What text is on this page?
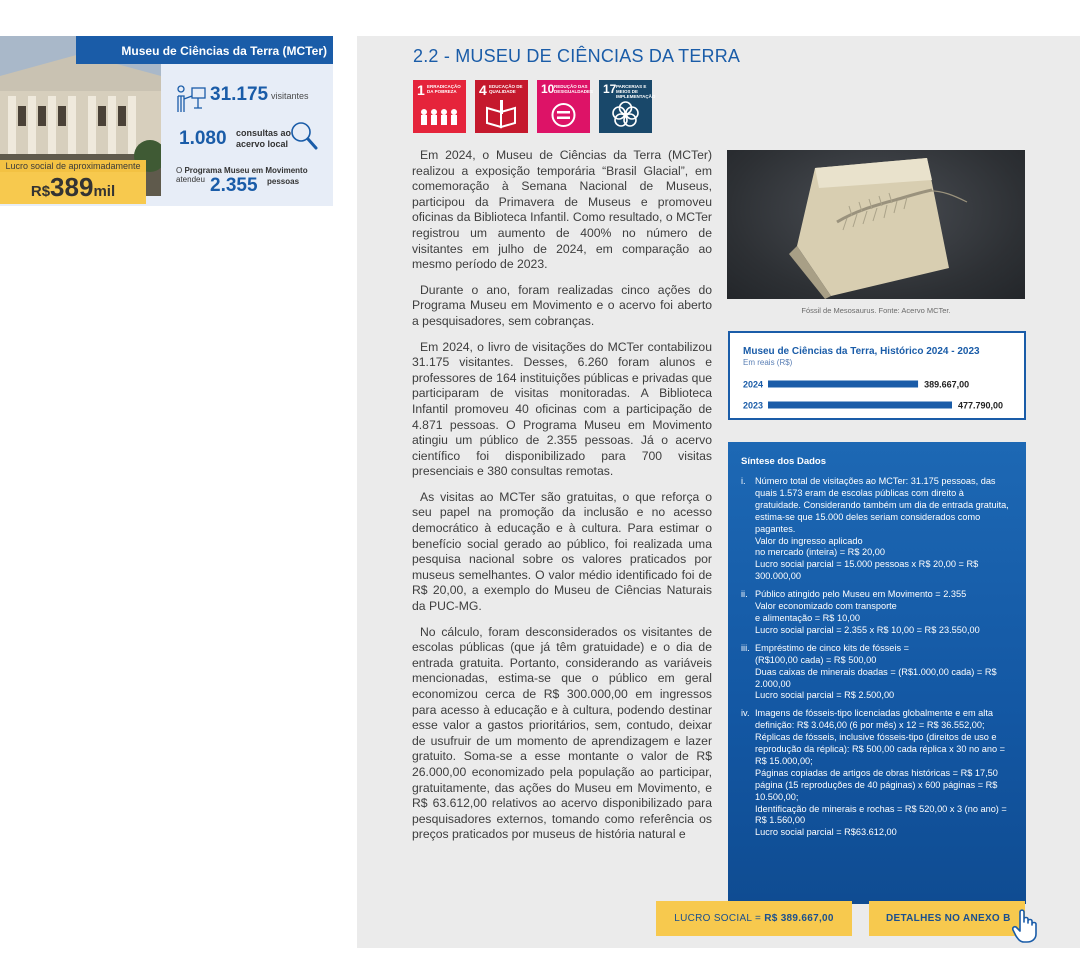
Museu de Ciências da Terra (MCTer)
31.175 visitantes
1.080 consultas ao acervo local
O Programa Museu em Movimento
atendeu 2.355 pessoas
Lucro social de aproximadamente
R$389mil
2.2 - MUSEU DE CIÊNCIAS DA TERRA
1 ERRADICAÇÃO DA POBREZA	4 EDUCAÇÃO DE QUALIDADE	10 REDUÇÃO DAS DESIGUALDADES 17 PARCERIAS E MEIOS DE IMPLEMENTAÇÃO

Em 2024, o Museu de Ciências da Terra (MCTer) realizou a exposição temporária “Brasil Glacial”, em comemoração à Semana Nacional de Museus, participou da Primavera de Museus e promoveu oficinas da Biblioteca Infantil. Como resultado, o MCTer registrou um aumento de 400% no número de visitantes em julho de 2024, em comparação ao mesmo período de 2023.

Durante o ano, foram realizadas cinco ações do Programa Museu em Movimento e o acervo foi aberto a pesquisadores, sem cobranças.

Em 2024, o livro de visitações do MCTer contabilizou 31.175 visitantes. Desses, 6.260 foram alunos e professores de 164 instituições públicas e privadas que participaram de visitas monitoradas. A Biblioteca Infantil promoveu 40 oficinas com a participação de 4.871 pessoas. O Programa Museu em Movimento atingiu um público de 2.355 pessoas. Já o acervo científico foi disponibilizado para 700 visitas presenciais e 380 consultas remotas.

As visitas ao MCTer são gratuitas, o que reforça o seu papel na promoção da inclusão e no acesso democrático à educação e à cultura. Para estimar o benefício social gerado ao público, foi realizada uma pesquisa nacional sobre os valores praticados por museus semelhantes. O valor médio identificado foi de R$ 20,00, a exemplo do Museu de Ciências Naturais da PUC-MG.

No cálculo, foram desconsiderados os visitantes de escolas públicas (que já têm gratuidade) e o dia de entrada gratuita. Portanto, considerando as variáveis mencionadas, estima-se que o público em geral economizou cerca de R$ 300.000,00 em ingressos para acesso à educação e à cultura, podendo destinar esse valor a gastos prioritários, sem, contudo, deixar de usufruir de um momento de aprendizagem e lazer gratuito. Soma-se a esse montante o valor de R$ 26.000,00 economizado pela população ao participar, gratuitamente, das ações do Museu em Movimento, e R$ 63.612,00 relativos ao acervo disponibilizado para pesquisadores externos, tomando como referência os preços praticados por museus de história natural e

Fóssil de Mesosaurus. Fonte: Acervo MCTer.
Museu de Ciências da Terra, Histórico 2024 - 2023
Em reais (R$)
2024	389.667,00
2023	477.790,00
Síntese dos Dados
i.	Número total de visitações ao MCTer: 31.175 pessoas, das quais 1.573 eram de escolas públicas com direito à gratuidade. Considerando também um dia de entrada gratuita, estima-se que 15.000 deles seriam considerados como pagantes.
Valor do ingresso aplicado
no mercado (inteira) = R$ 20,00
Lucro social parcial = 15.000 pessoas x R$ 20,00 = R$ 300.000,00
ii. Público atingido pelo Museu em Movimento = 2.355
Valor economizado com transporte
e alimentação = R$ 10,00
Lucro social parcial = 2.355 x R$ 10,00 = R$ 23.550,00
iii. Empréstimo de cinco kits de fósseis =
(R$100,00 cada) = R$ 500,00
Duas caixas de minerais doadas = (R$1.000,00 cada) = R$ 2.000,00
Lucro social parcial = R$ 2.500,00
iv. Imagens de fósseis-tipo licenciadas globalmente e em alta definição: R$ 3.046,00 (6 por mês) x 12 = R$ 36.552,00;
Réplicas de fósseis, inclusive fósseis-tipo (direitos de uso e reprodução da réplica): R$ 500,00 cada réplica x 30 no ano = R$ 15.000,00;
Páginas copiadas de artigos de obras históricas = R$ 17,50 página (15 reproduções de 40 páginas) x 600 páginas = R$ 10.500,00;
Identificação de minerais e rochas = R$ 520,00 x 3 (no ano) = R$ 1.560,00
Lucro social parcial = R$63.612,00
LUCRO SOCIAL = R$ 389.667,00	DETALHES NO ANEXO B
